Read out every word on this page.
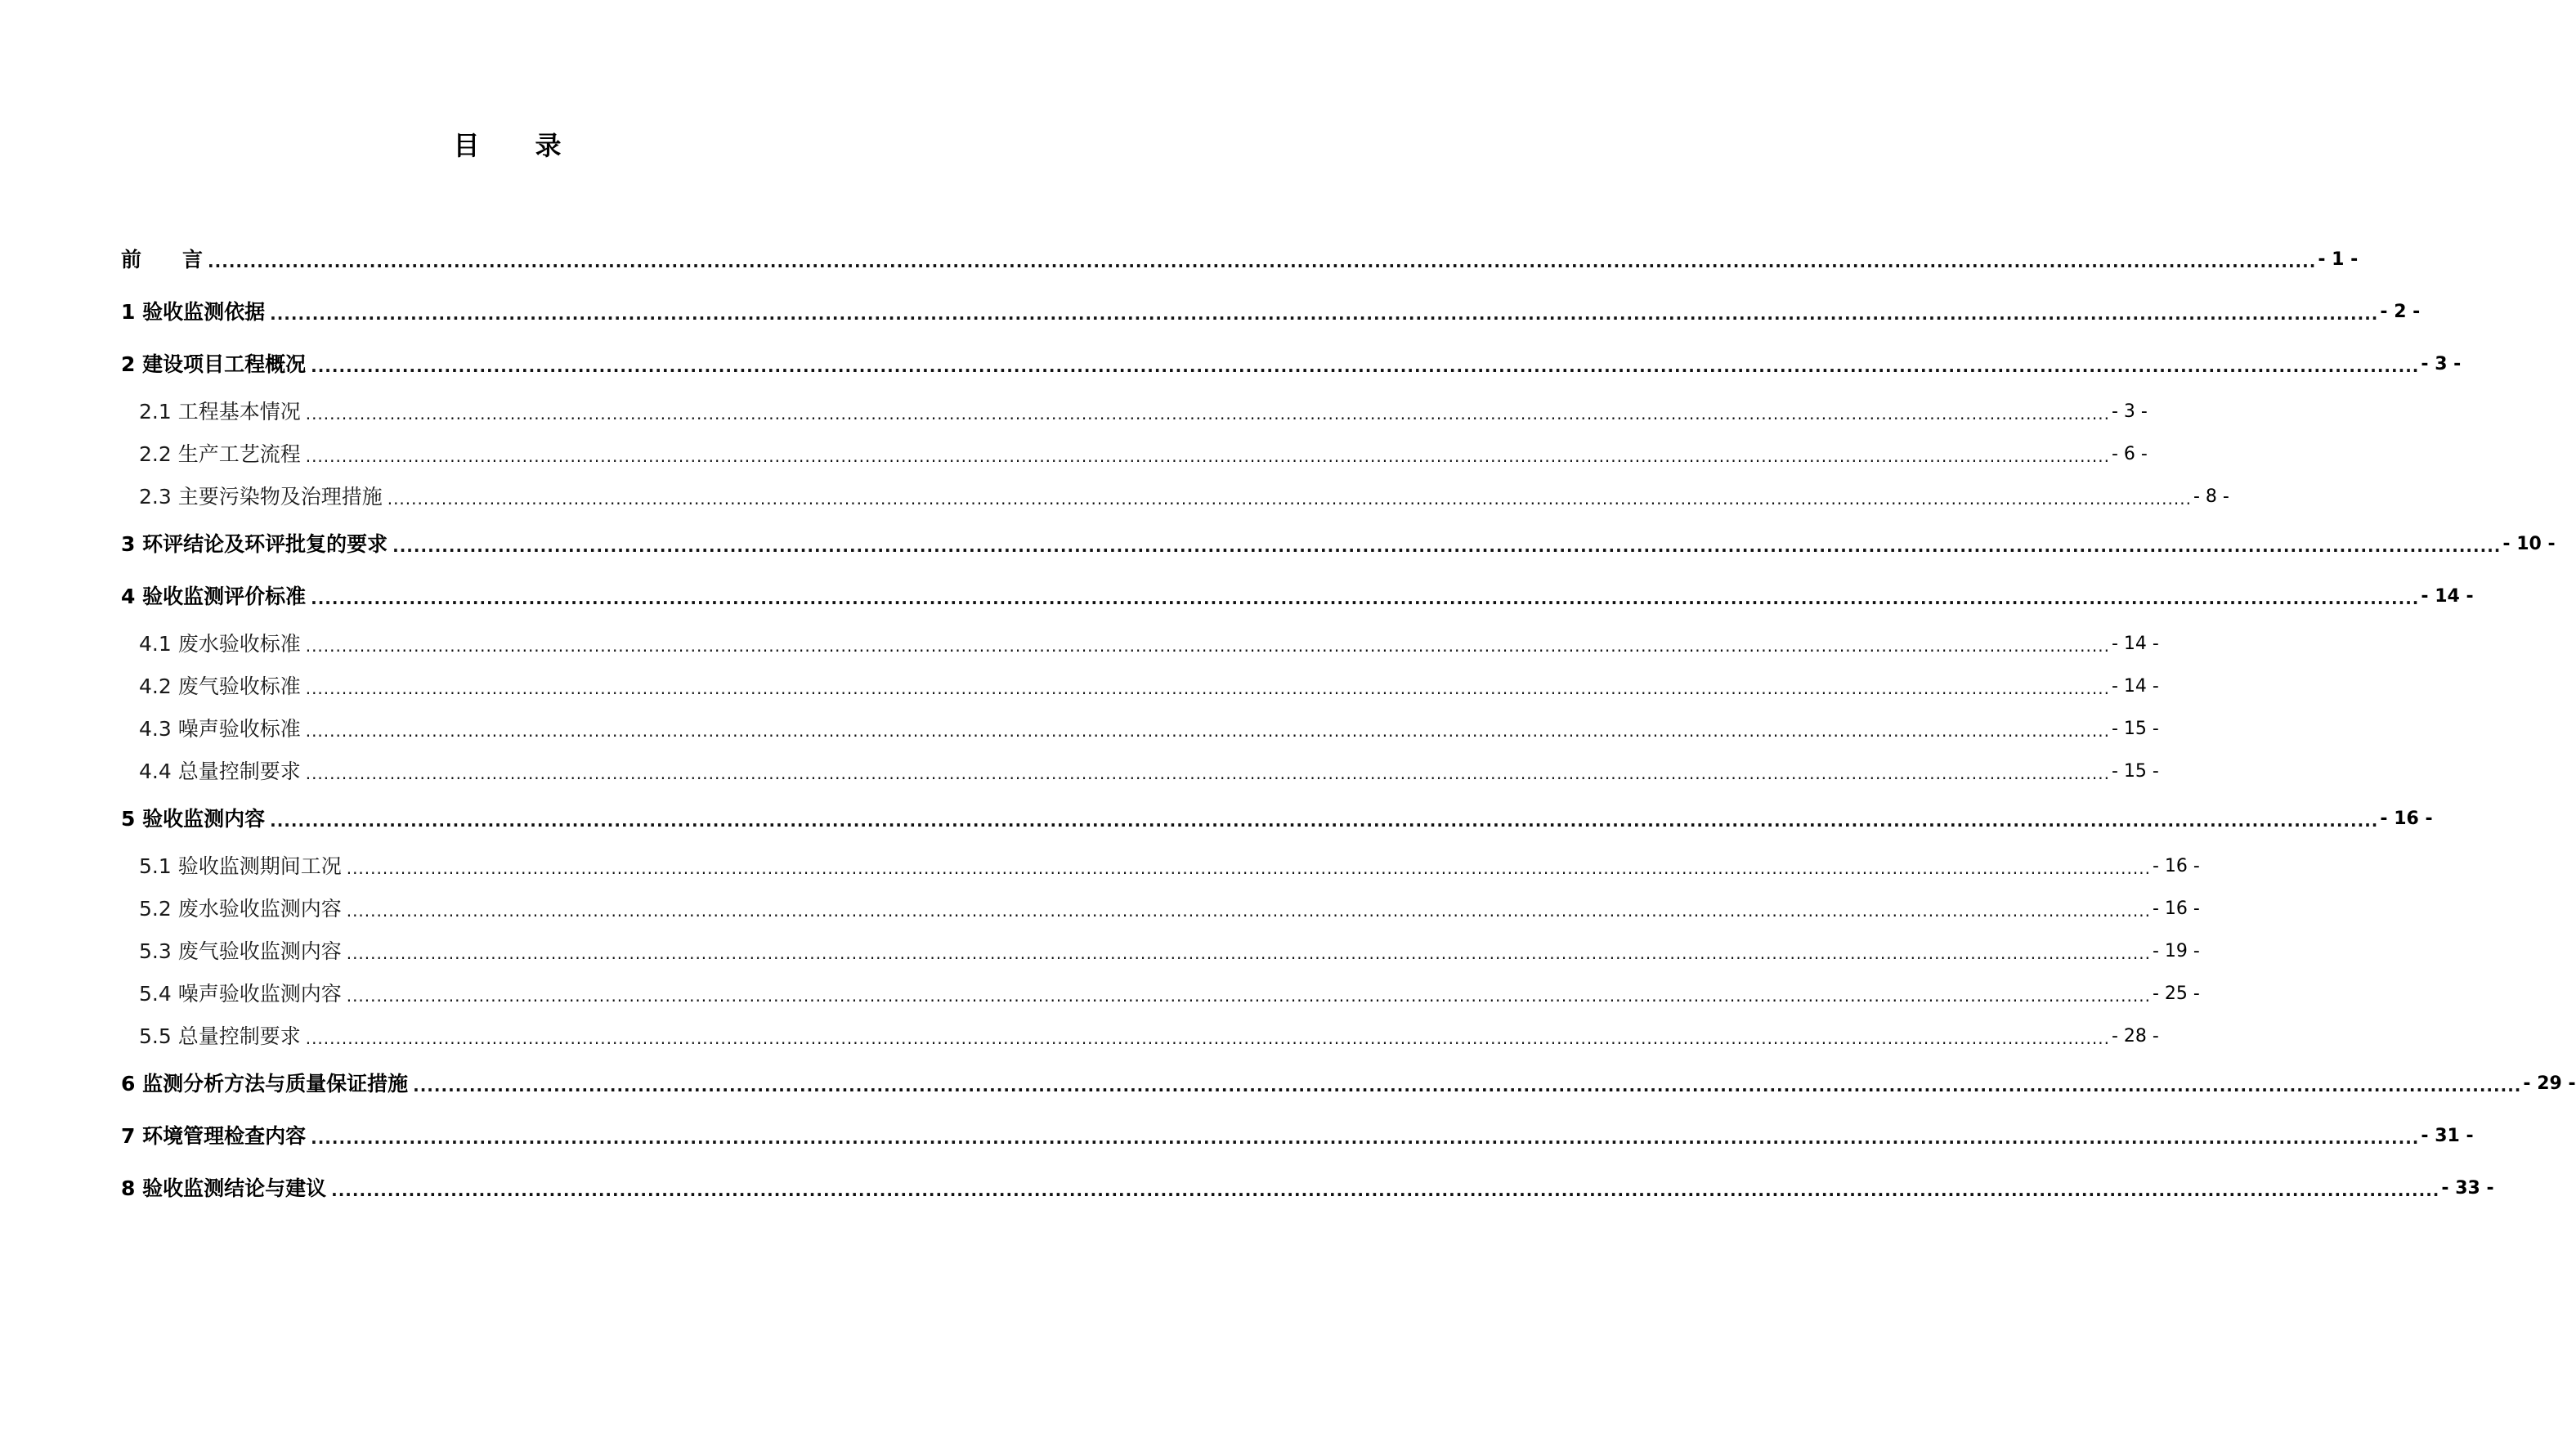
目 录
前 言 ............................................................................................................................................................................................................................................................................................................ - 1 -
1 验收监测依据 ............................................................................................................................................................................................................................................................................................................ - 2 -
2 建设项目工程概况 ............................................................................................................................................................................................................................................................................................................ - 3 -
2.1 工程基本情况 ............................................................................................................................................................................................................................................................................................................ - 3 -
2.2 生产工艺流程 ............................................................................................................................................................................................................................................................................................................ - 6 -
2.3 主要污染物及治理措施 ............................................................................................................................................................................................................................................................................................................ - 8 -
3 环评结论及环评批复的要求 ............................................................................................................................................................................................................................................................................................................ - 10 -
4 验收监测评价标准 ............................................................................................................................................................................................................................................................................................................ - 14 -
4.1 废水验收标准 ............................................................................................................................................................................................................................................................................................................ - 14 -
4.2 废气验收标准 ............................................................................................................................................................................................................................................................................................................ - 14 -
4.3 噪声验收标准 ............................................................................................................................................................................................................................................................................................................ - 15 -
4.4 总量控制要求 ............................................................................................................................................................................................................................................................................................................ - 15 -
5 验收监测内容 ............................................................................................................................................................................................................................................................................................................ - 16 -
5.1 验收监测期间工况 ............................................................................................................................................................................................................................................................................................................ - 16 -
5.2 废水验收监测内容 ............................................................................................................................................................................................................................................................................................................ - 16 -
5.3 废气验收监测内容 ............................................................................................................................................................................................................................................................................................................ - 19 -
5.4 噪声验收监测内容 ............................................................................................................................................................................................................................................................................................................ - 25 -
5.5 总量控制要求 ............................................................................................................................................................................................................................................................................................................ - 28 -
6 监测分析方法与质量保证措施 ............................................................................................................................................................................................................................................................................................................ - 29 -
7 环境管理检查内容 ............................................................................................................................................................................................................................................................................................................ - 31 -
8 验收监测结论与建议 ............................................................................................................................................................................................................................................................................................................ - 33 -
